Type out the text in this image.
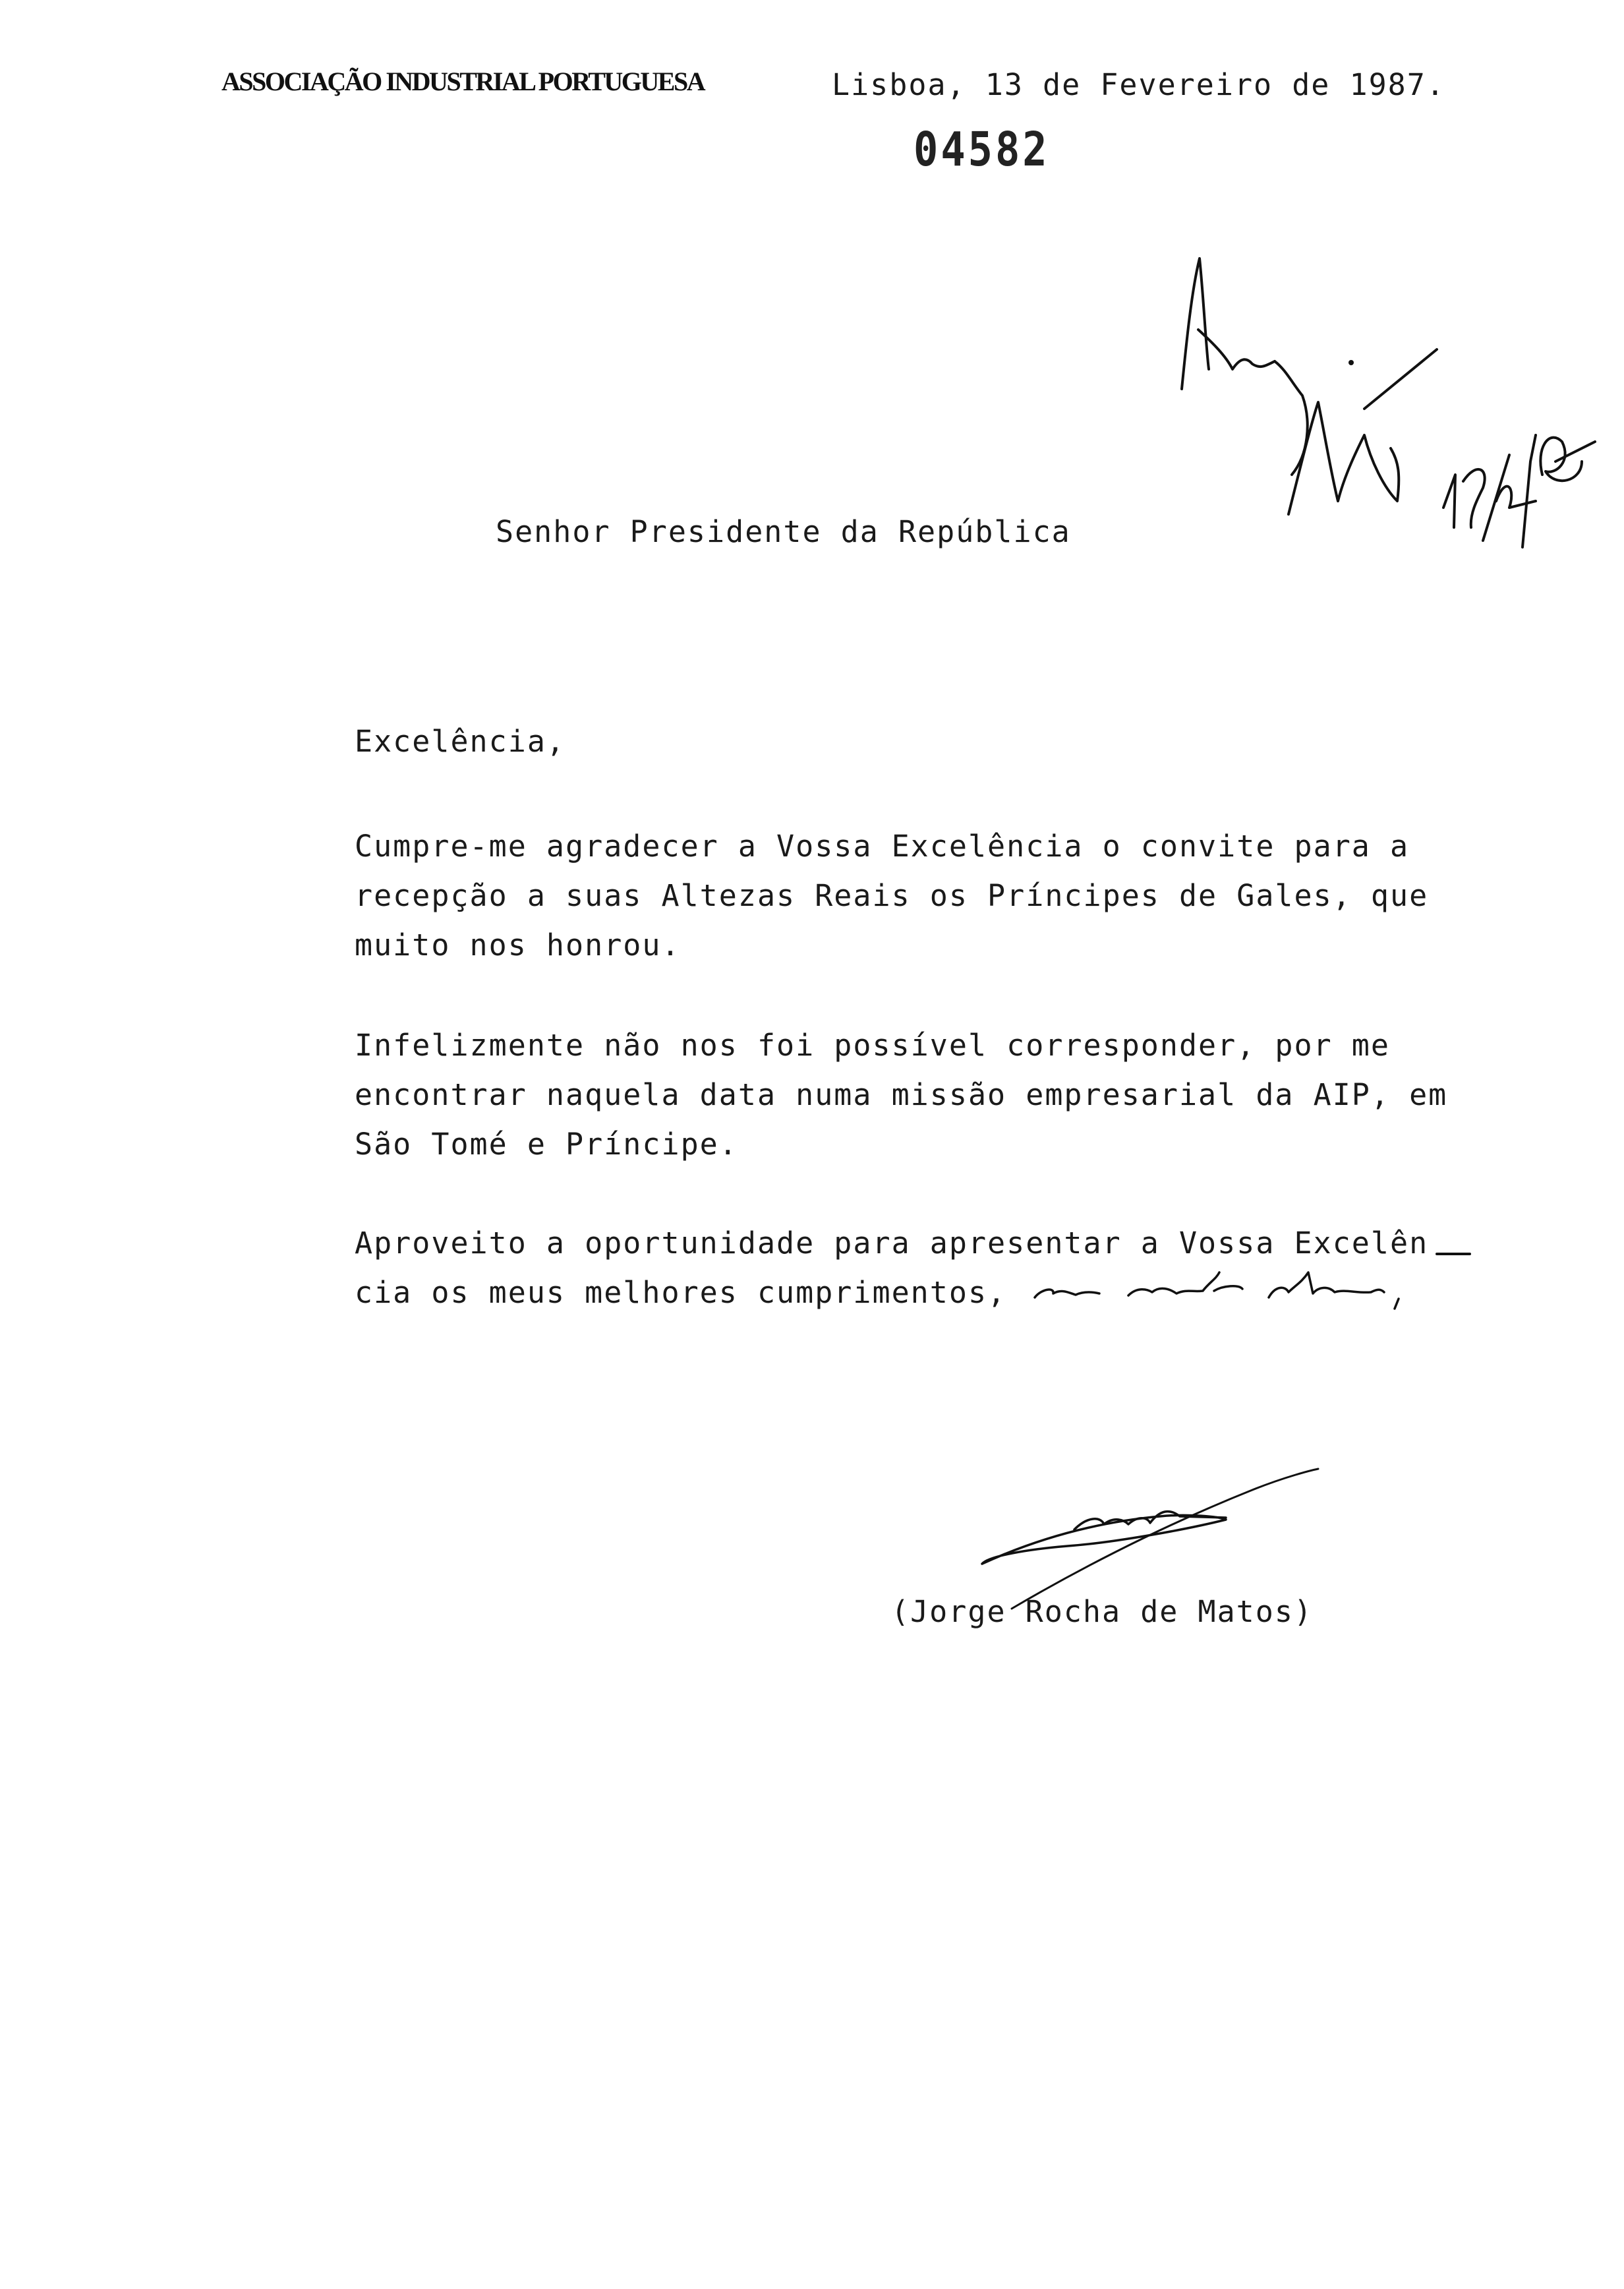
ASSOCIAÇÃO INDUSTRIAL PORTUGUESA	Lisboa, 13 de Fevereiro de 1987.
04582
Senhor Presidente da República
Excelência,
Cumpre-me agradecer a Vossa Excelência o convite para a
recepção a suas Altezas Reais os Príncipes de Gales, que
muito nos honrou.
Infelizmente não nos foi possível corresponder, por me
encontrar naquela data numa missão empresarial da AIP, em
São Tomé e Príncipe.
Aproveito a oportunidade para apresentar a Vossa Excelên
cia os meus melhores cumprimentos,
(Jorge Rocha de Matos)
